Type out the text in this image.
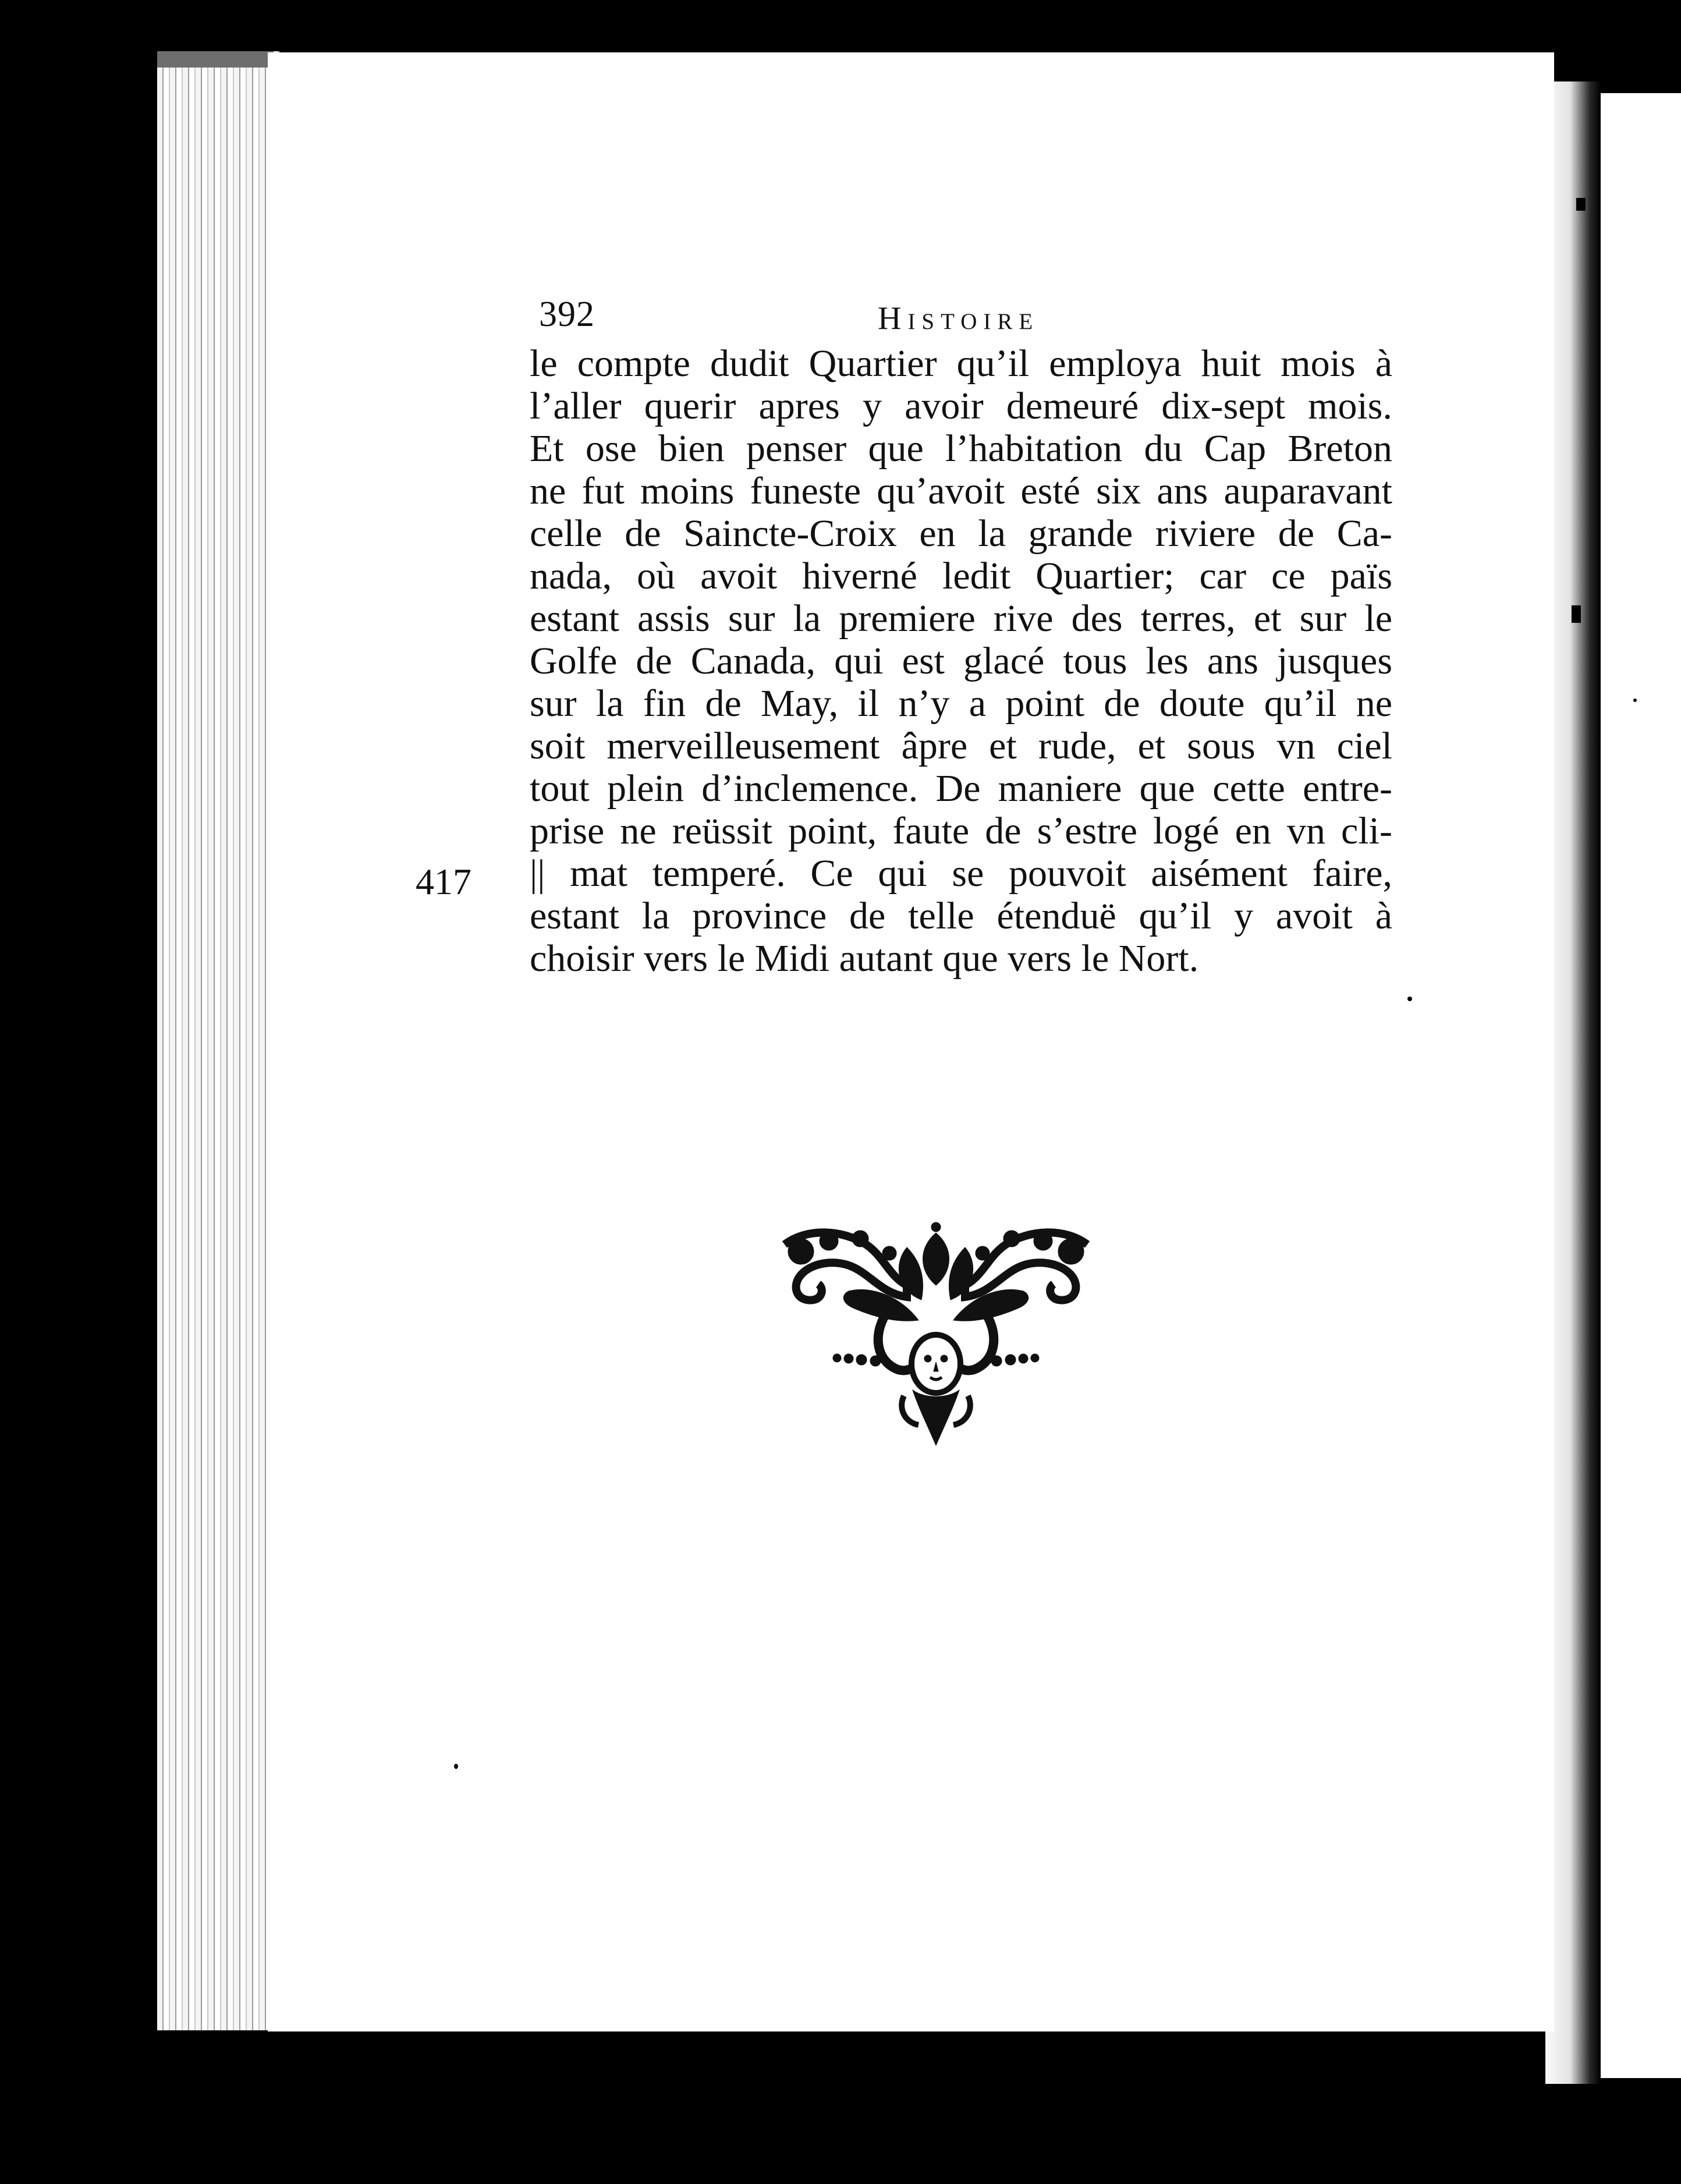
392	Histoire
417
le compte dudit Quartier qu’il employa huit mois à
l’aller querir apres y avoir demeuré dix-sept mois.
Et ose bien penser que l’habitation du Cap Breton
ne fut moins funeste qu’avoit esté six ans auparavant
celle de Saincte-Croix en la grande riviere de Ca-
nada, où avoit hiverné ledit Quartier; car ce païs
estant assis sur la premiere rive des terres, et sur le
Golfe de Canada, qui est glacé tous les ans jusques
sur la fin de May, il n’y a point de doute qu’il ne
soit merveilleusement âpre et rude, et sous vn ciel
tout plein d’inclemence. De maniere que cette entre-
prise ne reüssit point, faute de s’estre logé en vn cli-
|| mat temperé. Ce qui se pouvoit aisément faire,
estant la province de telle étenduë qu’il y avoit à
choisir vers le Midi autant que vers le Nort.
